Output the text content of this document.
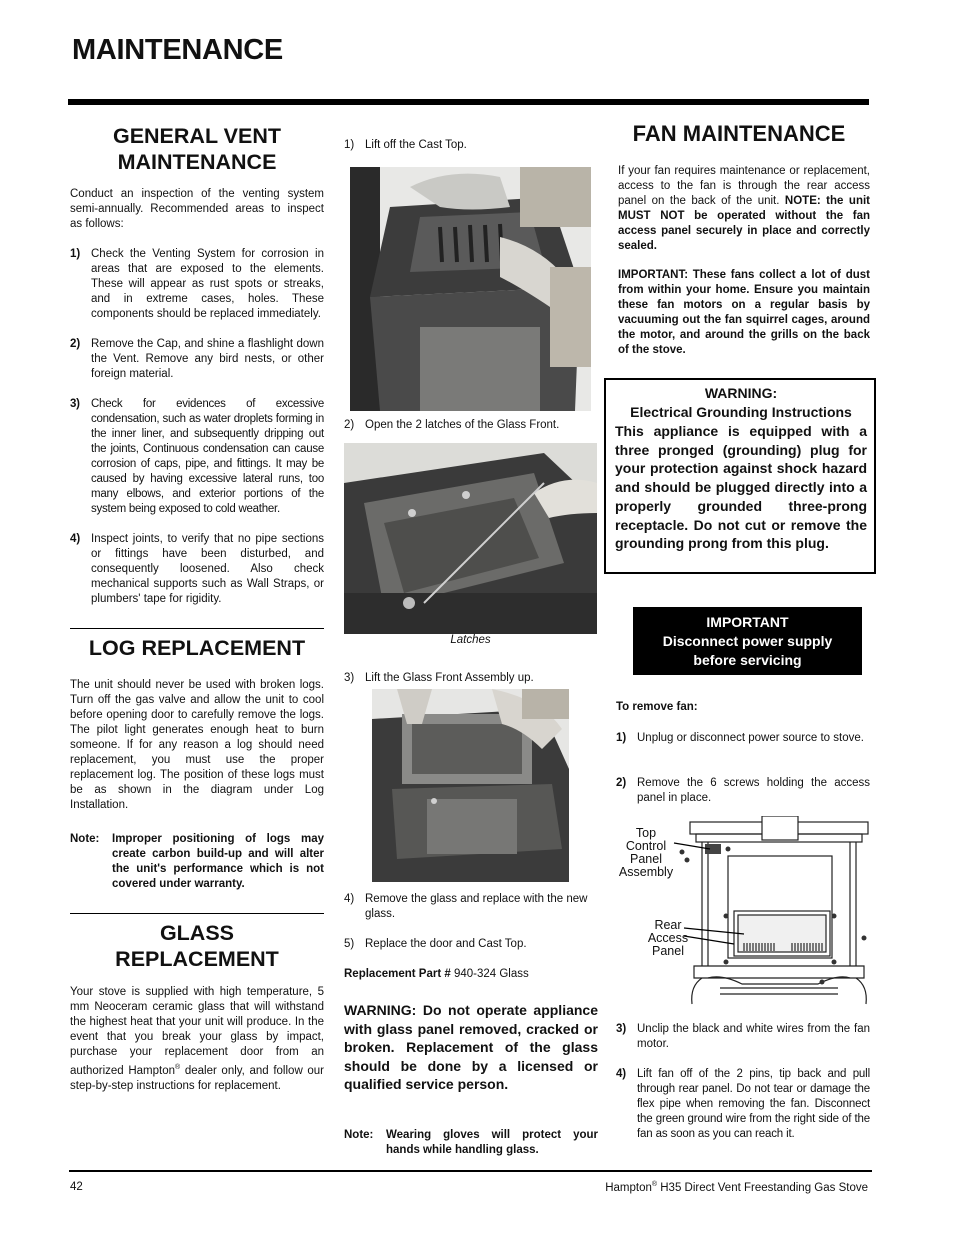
MAINTENANCE
GENERAL VENT
MAINTENANCE
Conduct an inspection of the venting system semi-annually. Recommended areas to inspect as follows:
1) Check the Venting System for corrosion in areas that are exposed to the elements. These will appear as rust spots or streaks, and in extreme cases, holes. These components should be replaced immediately.
2) Remove the Cap, and shine a flashlight down the Vent. Remove any bird nests, or other foreign material.
3) Check for evidences of excessive condensation, such as water droplets forming in the inner liner, and subsequently dripping out the joints, Continuous condensation can cause corrosion of caps, pipe, and fittings. It may be caused by having excessive lateral runs, too many elbows, and exterior portions of the system being exposed to cold weather.
4) Inspect joints, to verify that no pipe sections or fittings have been disturbed, and consequently loosened. Also check mechanical supports such as Wall Straps, or plumbers' tape for rigidity.
LOG REPLACEMENT
The unit should never be used with broken logs. Turn off the gas valve and allow the unit to cool before opening door to carefully remove the logs. The pilot light generates enough heat to burn someone. If for any reason a log should need replacement, you must use the proper replacement log. The position of these logs must be as shown in the diagram under Log Installation.
Note:	Improper positioning of logs may create carbon build-up and will alter the unit's performance which is not covered under warranty.
GLASS
REPLACEMENT
Your stove is supplied with high temperature, 5 mm Neoceram ceramic glass that will withstand the highest heat that your unit will produce. In the event that you break your glass by impact, purchase your replacement door from an authorized Hampton® dealer only, and follow our step-by-step instructions for replacement.
1) Lift off the Cast Top.
2) Open the 2 latches of the Glass Front.
Latches
3) Lift the Glass Front Assembly up.
4) Remove the glass and replace with the new glass.
5) Replace the door and Cast Top.
Replacement Part # 940-324 Glass
WARNING: Do not operate appliance with glass panel removed, cracked or broken. Replacement of the glass should be done by a licensed or qualified service person.
Note:	Wearing gloves will protect your hands while handling glass.
FAN MAINTENANCE
If your fan requires maintenance or replacement, access to the fan is through the rear access panel on the back of the unit. NOTE: the unit MUST NOT be operated without the fan access panel securely in place and correctly sealed.
IMPORTANT: These fans collect a lot of dust from within your home. Ensure you maintain these fan motors on a regular basis by vacuuming out the fan squirrel cages, around the motor, and around the grills on the back of the stove.
WARNING:
Electrical Grounding Instructions
This appliance is equipped with a three pronged (grounding) plug for your protection against shock hazard and should be plugged directly into a properly grounded three-prong receptacle. Do not cut or remove the grounding prong from this plug.
IMPORTANT
Disconnect power supply
before servicing
To remove fan:
1) Unplug or disconnect power source to stove.
2) Remove the 6 screws holding the access panel in place.
Top
Control
Panel
Assembly
Rear
Access
Panel
3) Unclip the black and white wires from the fan motor.
4) Lift fan off of the 2 pins, tip back and pull through rear panel. Do not tear or damage the flex pipe when removing the fan. Disconnect the green ground wire from the right side of the fan as soon as you can reach it.
42	Hampton® H35 Direct Vent Freestanding Gas Stove
